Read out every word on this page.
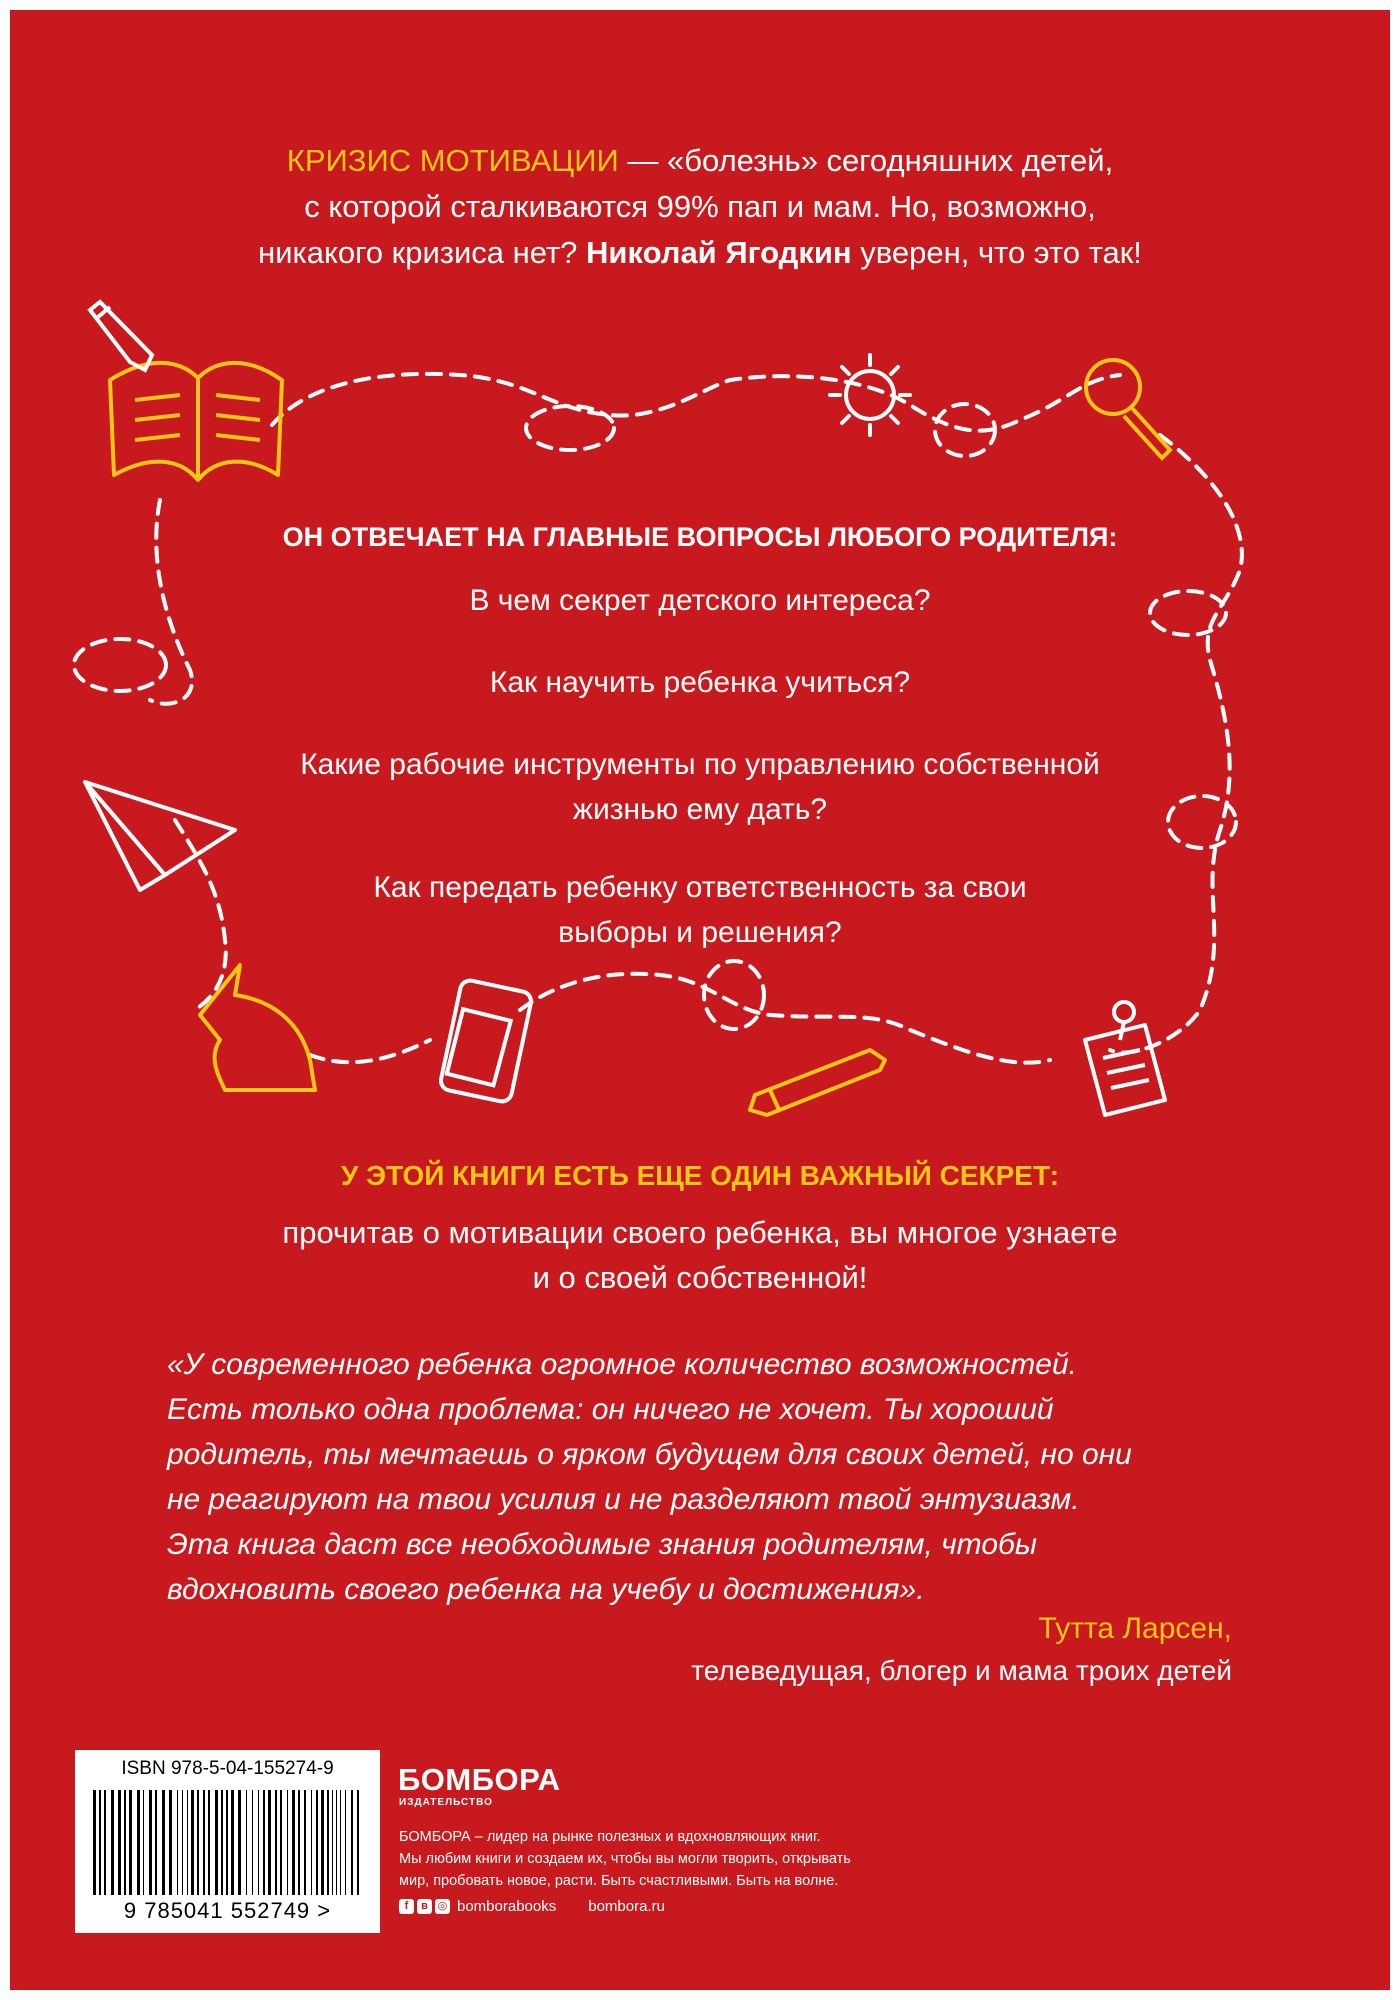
КРИЗИС МОТИВАЦИИ — «болезнь» сегодняшних детей,
с которой сталкиваются 99% пап и мам. Но, возможно,
никакого кризиса нет? Николай Ягодкин уверен, что это так!
ОН ОТВЕЧАЕТ НА ГЛАВНЫЕ ВОПРОСЫ ЛЮБОГО РОДИТЕЛЯ:
В чем секрет детского интереса?
Как научить ребенка учиться?
Какие рабочие инструменты по управлению собственной жизнью ему дать?
Как передать ребенку ответственность за свои выборы и решения?
У ЭТОЙ КНИГИ ЕСТЬ ЕЩЕ ОДИН ВАЖНЫЙ СЕКРЕТ:
прочитав о мотивации своего ребенка, вы многое узнаете
и о своей собственной!
«У современного ребенка огромное количество возможностей.
Есть только одна проблема: он ничего не хочет. Ты хороший
родитель, ты мечтаешь о ярком будущем для своих детей, но они
не реагируют на твои усилия и не разделяют твой энтузиазм.
Эта книга даст все необходимые знания родителям, чтобы
вдохновить своего ребенка на учебу и достижения».
Тутта Ларсен,
телеведущая, блогер и мама троих детей
ISBN 978-5-04-155274-9
9 785041 552749 >
БОМБОРА
ИЗДАТЕЛЬСТВО
БОМБОРА – лидер на рынке полезных и вдохновляющих книг.
Мы любим книги и создаем их, чтобы вы могли творить, открывать
мир, пробовать новое, расти. Быть счастливыми. Быть на волне.
f в ◎ bomborabooks bombora.ru
